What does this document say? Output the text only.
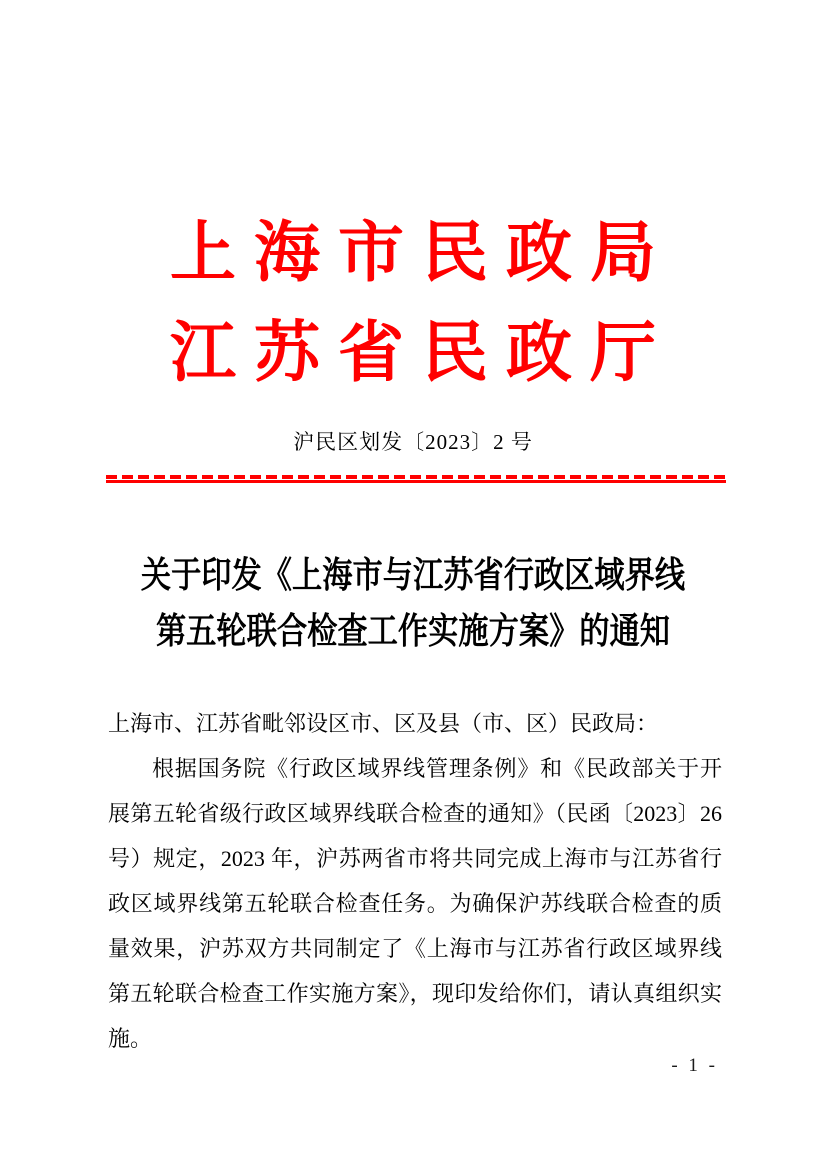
上海市民政局
江苏省民政厅
沪民区划发〔2023〕2 号
关于印发《上海市与江苏省行政区域界线
第五轮联合检查工作实施方案》的通知
上海市、江苏省毗邻设区市、区及县（市、区）民政局：
根据国务院《行政区域界线管理条例》和《民政部关于开
展第五轮省级行政区域界线联合检查的通知》（民函〔2023〕26
号）规定，2023 年，沪苏两省市将共同完成上海市与江苏省行
政区域界线第五轮联合检查任务。为确保沪苏线联合检查的质
量效果，沪苏双方共同制定了《上海市与江苏省行政区域界线
第五轮联合检查工作实施方案》，现印发给你们，请认真组织实
施。
- 1 -
